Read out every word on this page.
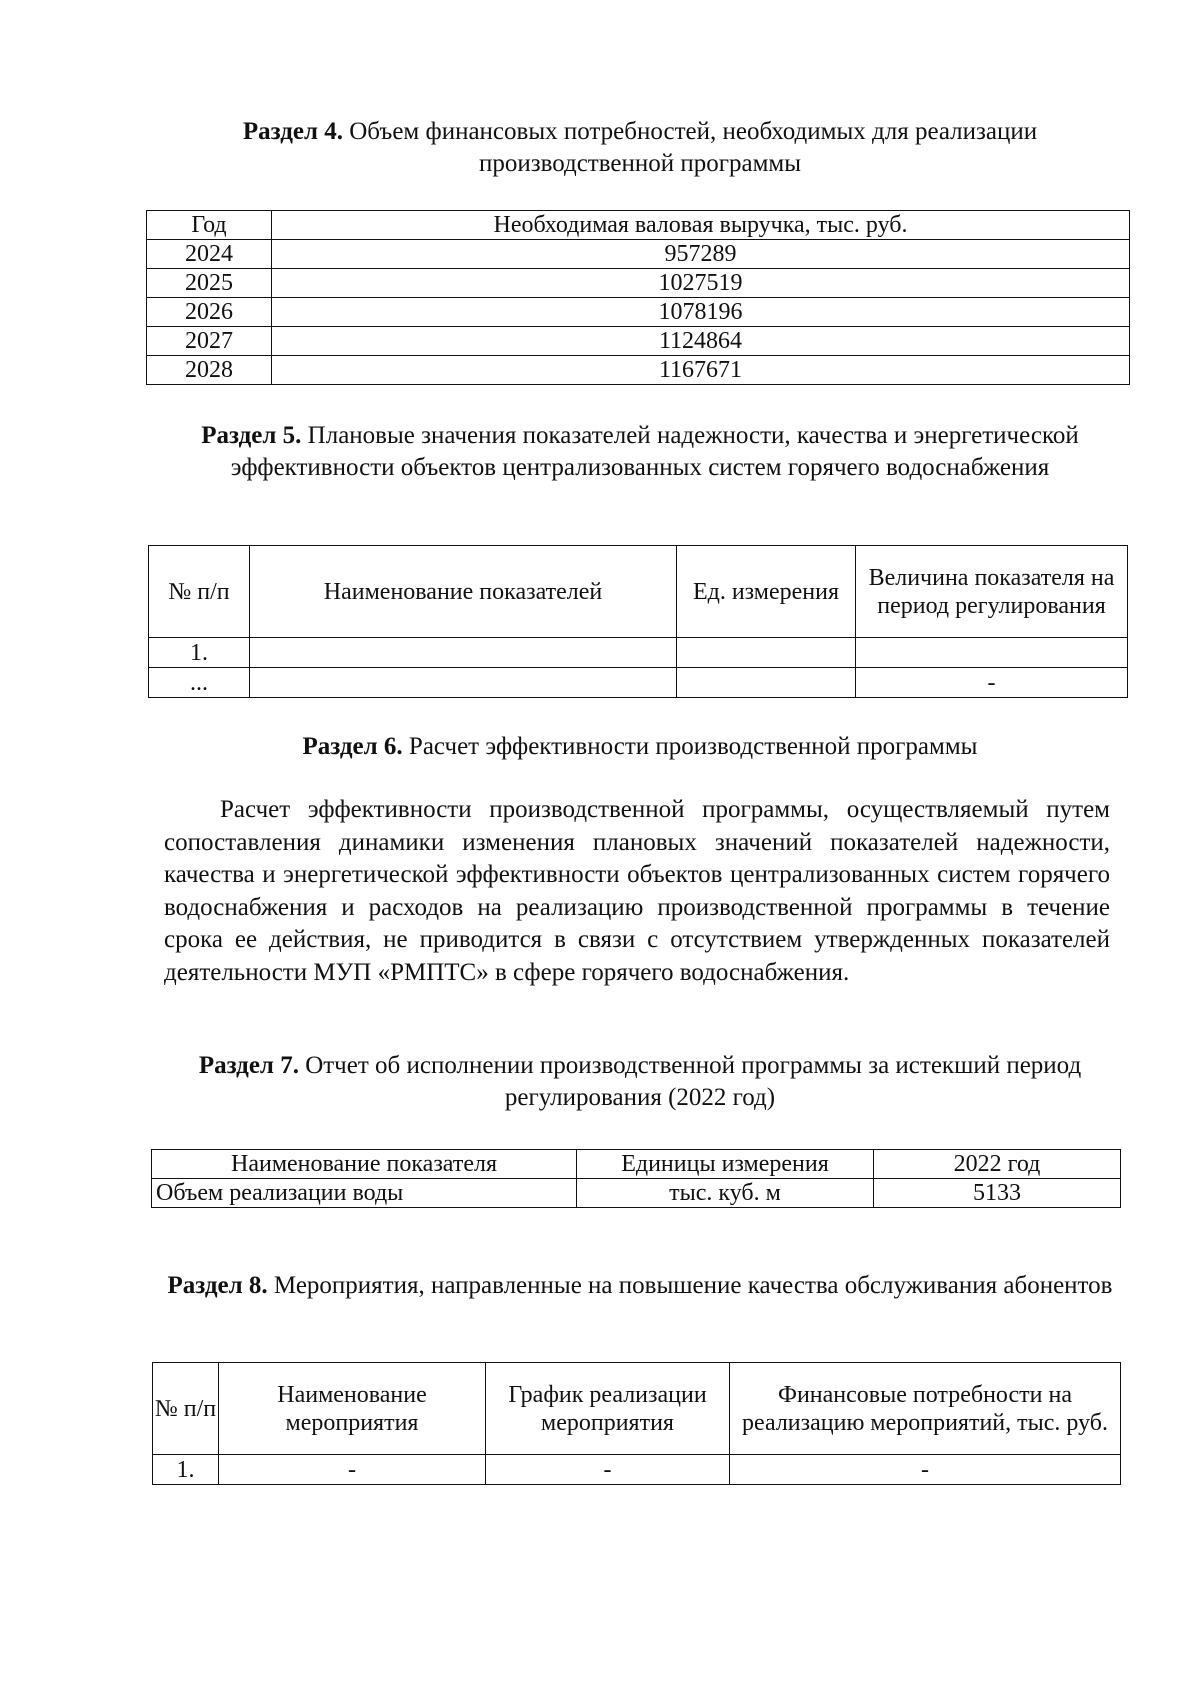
Раздел 4. Объем финансовых потребностей, необходимых для реализации производственной программы
Год	Необходимая валовая выручка, тыс. руб.
2024	957289
2025	1027519
2026	1078196
2027	1124864
2028	1167671
Раздел 5. Плановые значения показателей надежности, качества и энергетической эффективности объектов централизованных систем горячего водоснабжения
№ п/п	Наименование показателей	Ед. измерения	Величина показателя на период регулирования
1.			
...			-
Раздел 6. Расчет эффективности производственной программы
Расчет эффективности производственной программы, осуществляемый путем сопоставления динамики изменения плановых значений показателей надежности, качества и энергетической эффективности объектов централизованных систем горячего водоснабжения и расходов на реализацию производственной программы в течение срока ее действия, не приводится в связи с отсутствием утвержденных показателей деятельности МУП «РМПТС» в сфере горячего водоснабжения.
Раздел 7. Отчет об исполнении производственной программы за истекший период регулирования (2022 год)
Наименование показателя	Единицы измерения	2022 год
Объем реализации воды	тыс. куб. м	5133
Раздел 8. Мероприятия, направленные на повышение качества обслуживания абонентов
№ п/п	Наименование мероприятия	График реализации мероприятия	Финансовые потребности на реализацию мероприятий, тыс. руб.
1.	-	-	-
